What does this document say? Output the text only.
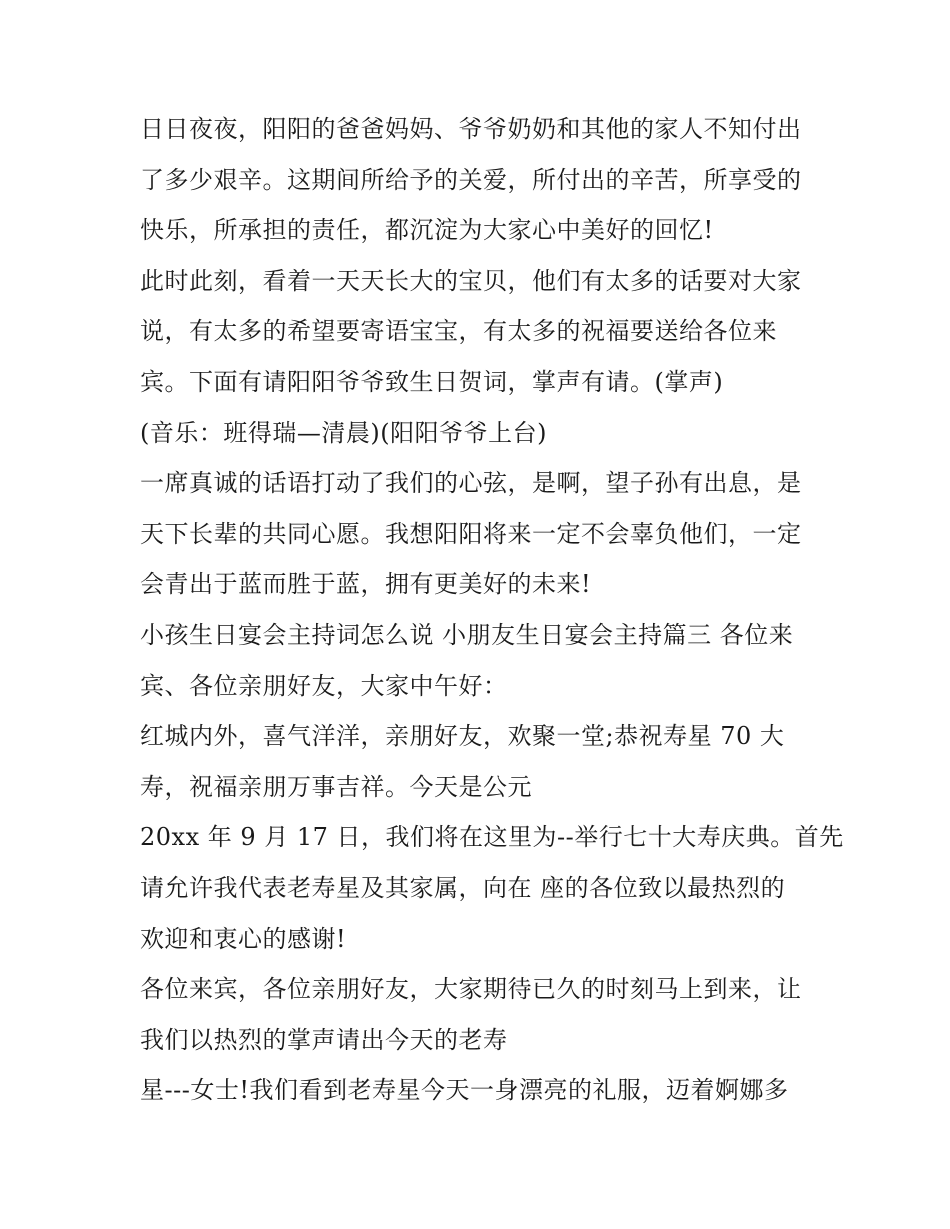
日日夜夜，阳阳的爸爸妈妈、爷爷奶奶和其他的家人不知付出
了多少艰辛。这期间所给予的关爱，所付出的辛苦，所享受的
快乐，所承担的责任，都沉淀为大家心中美好的回忆!
此时此刻，看着一天天长大的宝贝，他们有太多的话要对大家
说，有太多的希望要寄语宝宝，有太多的祝福要送给各位来
宾。下面有请阳阳爷爷致生日贺词，掌声有请。(掌声)
(音乐：班得瑞—清晨)(阳阳爷爷上台)
一席真诚的话语打动了我们的心弦，是啊，望子孙有出息，是
天下长辈的共同心愿。我想阳阳将来一定不会辜负他们，一定
会青出于蓝而胜于蓝，拥有更美好的未来!
小孩生日宴会主持词怎么说 小朋友生日宴会主持篇三 各位来
宾、各位亲朋好友，大家中午好：
红城内外，喜气洋洋，亲朋好友，欢聚一堂;恭祝寿星 70 大
寿，祝福亲朋万事吉祥。今天是公元
20xx 年 9 月 17 日，我们将在这里为--举行七十大寿庆典。首先
请允许我代表老寿星及其家属，向在 座的各位致以最热烈的
欢迎和衷心的感谢!
各位来宾，各位亲朋好友，大家期待已久的时刻马上到来，让
我们以热烈的掌声请出今天的老寿
星---女士!我们看到老寿星今天一身漂亮的礼服，迈着婀娜多
